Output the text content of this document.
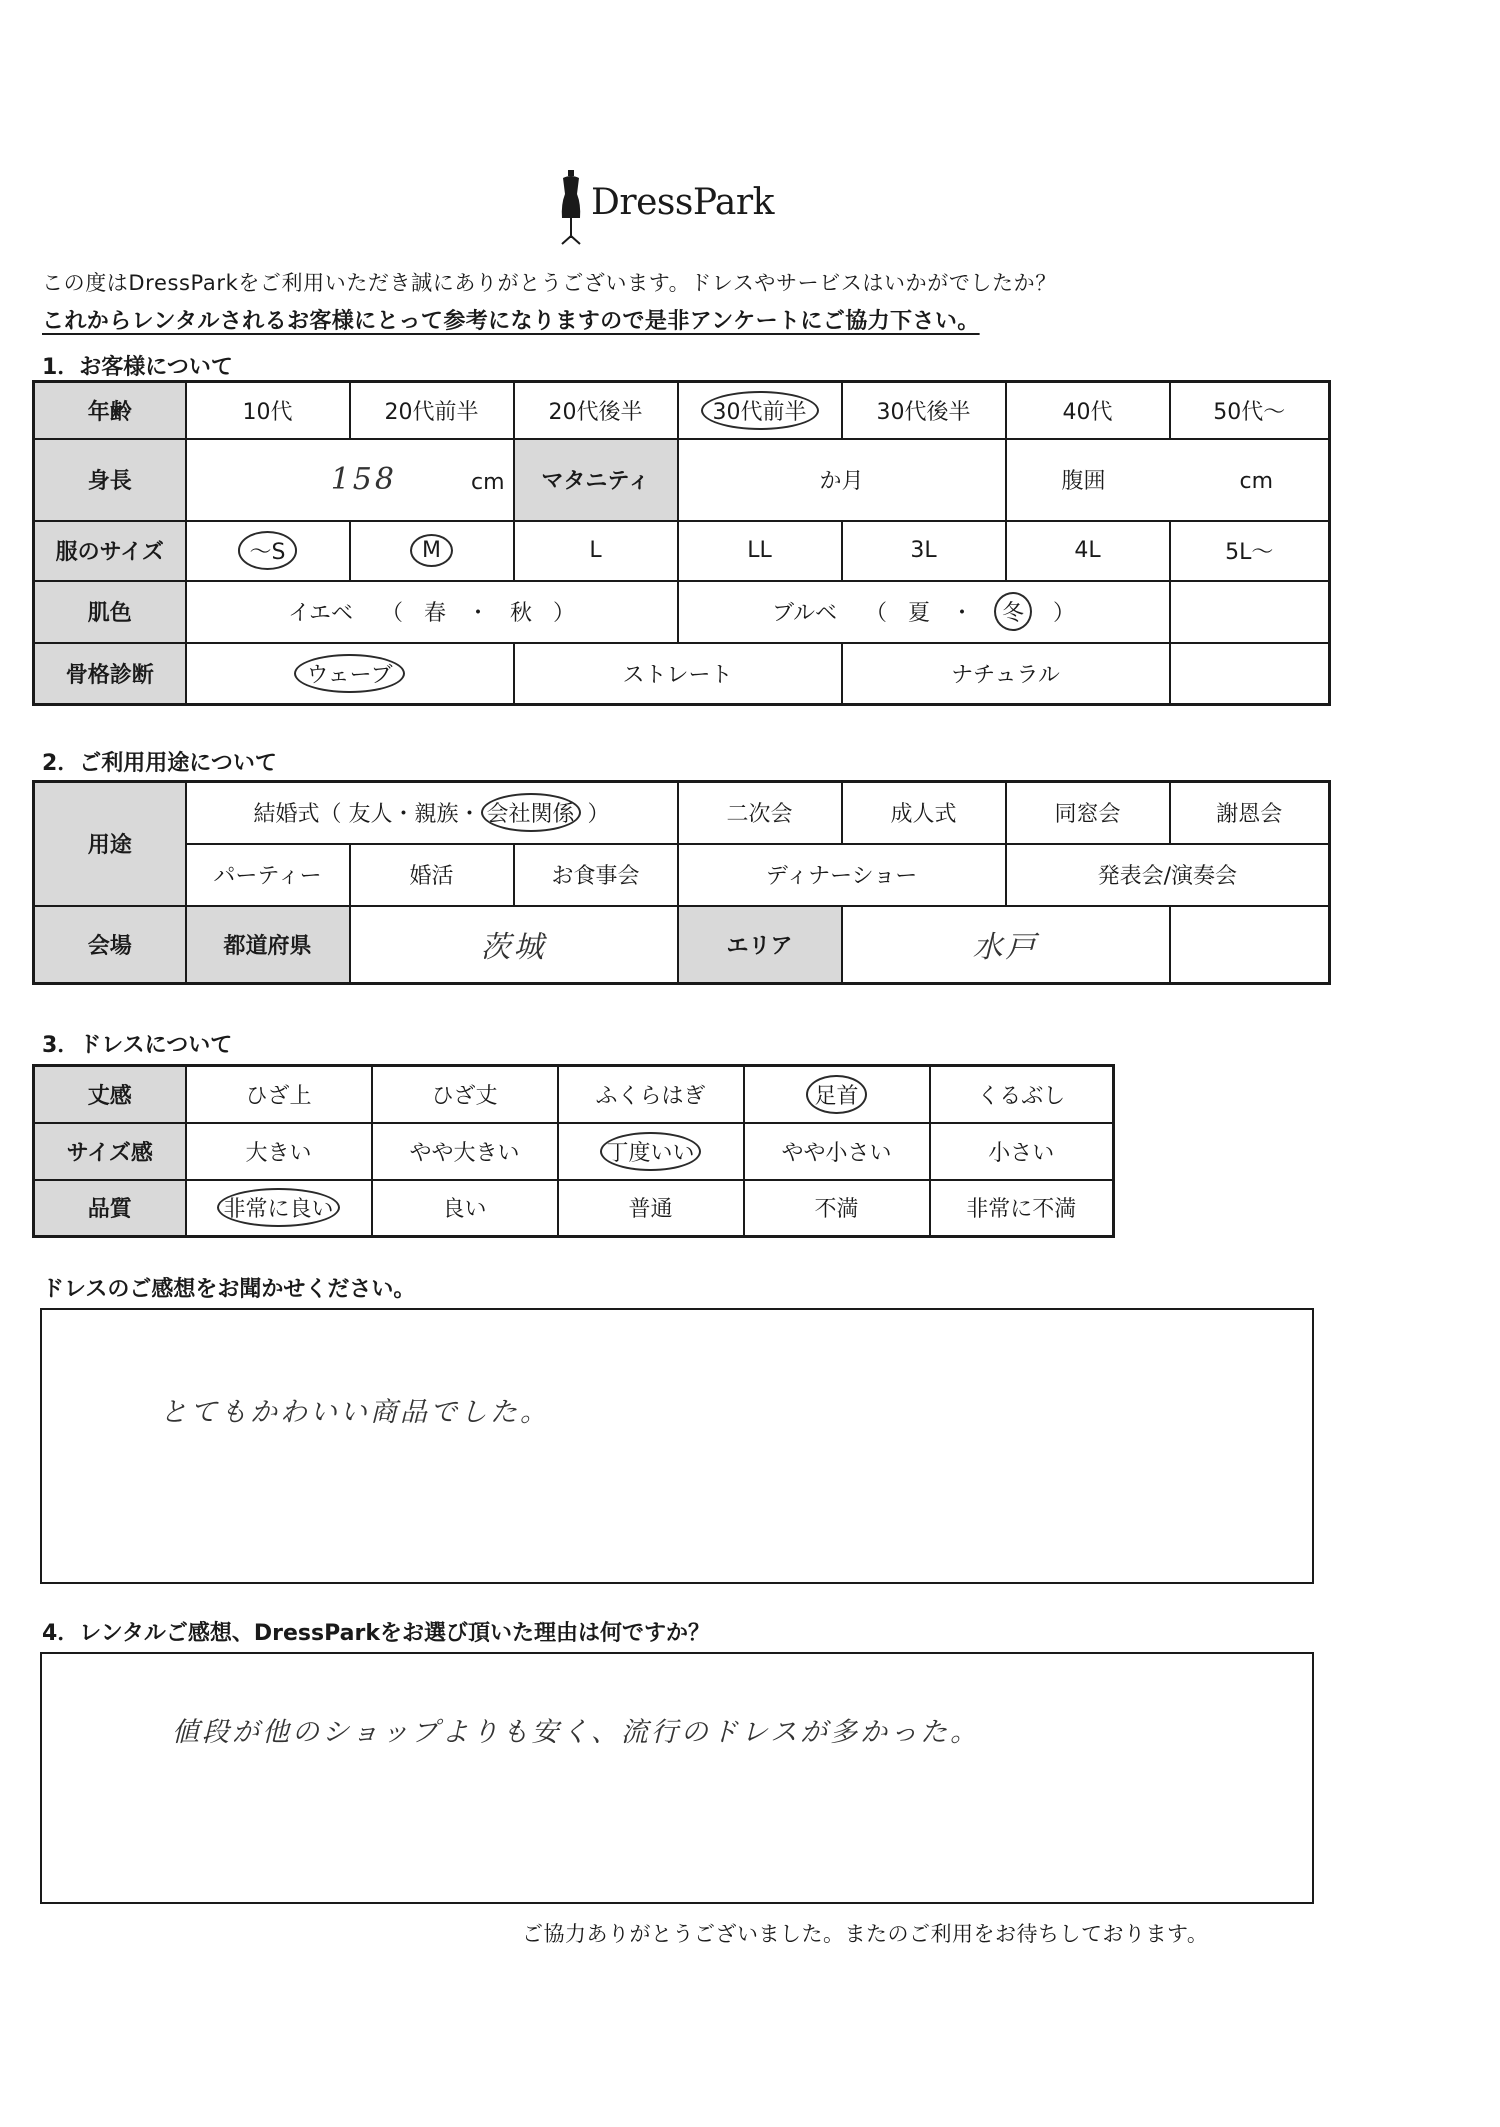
DressPark
この度はDressParkをご利用いただき誠にありがとうございます。ドレスやサービスはいかがでしたか？
これからレンタルされるお客様にとって参考になりますので是非アンケートにご協力下さい。
1．お客様について
年齢	10代	20代前半	20代後半	30代前半	30代後半	40代	50代～
身長	158 cm		マタニティ	か月		腹囲 cm	
服のサイズ	～S	M	L	LL	3L	4L	5L～
肌色	イエベ （ 春 ・ 秋 ）			ブルベ （ 夏 ・ 冬 ）			
骨格診断	ウェーブ		ストレート		ナチュラル		
2．ご利用用途について
用途	結婚式（ 友人・親族・ 会社関係 ）			二次会	成人式	同窓会	謝恩会
	パーティー	婚活	お食事会	ディナーショー		発表会/演奏会	
会場	都道府県	茨城		エリア	水戸		
3．ドレスについて
丈感	ひざ上	ひざ丈	ふくらはぎ	足首	くるぶし
サイズ感	大きい	やや大きい	丁度いい	やや小さい	小さい
品質	非常に良い	良い	普通	不満	非常に不満
ドレスのご感想をお聞かせください。
とてもかわいい商品でした。
4．レンタルご感想、DressParkをお選び頂いた理由は何ですか？
値段が他のショップよりも安く、流行のドレスが多かった。
ご協力ありがとうございました。またのご利用をお待ちしております。
